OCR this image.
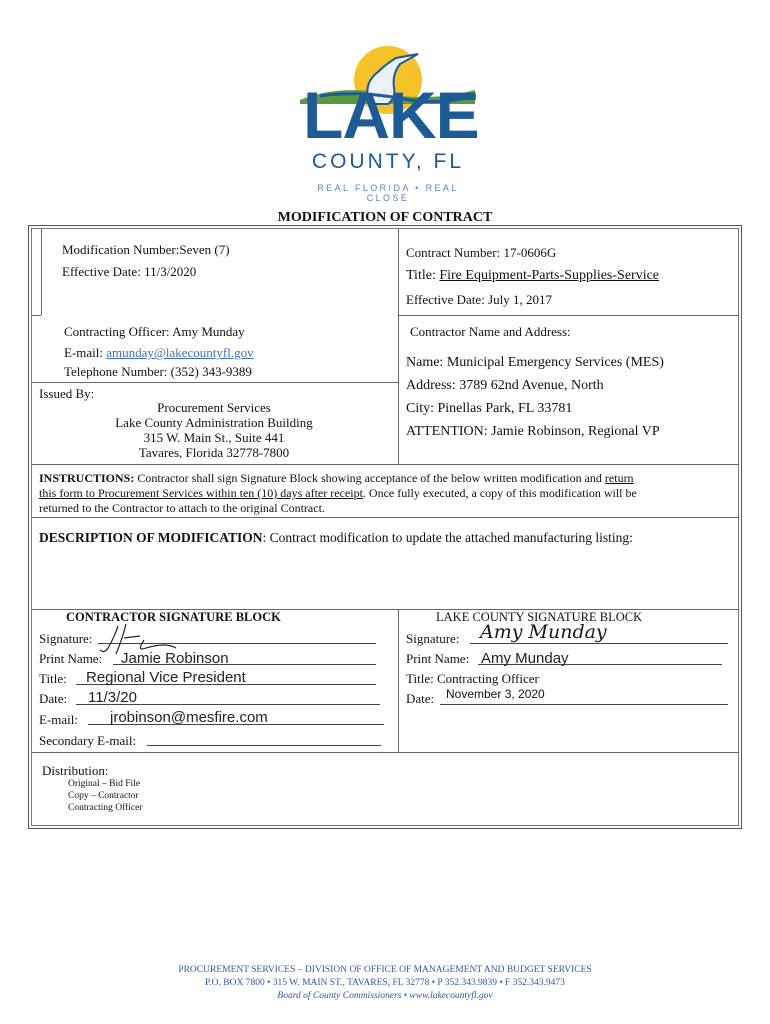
LAKE
COUNTY, FL
REAL FLORIDA • REAL CLOSE
MODIFICATION OF CONTRACT
Modification Number:Seven (7)
Effective Date: 11/3/2020
Contract Number: 17-0606G
Title: Fire Equipment-Parts-Supplies-Service
Effective Date: July 1, 2017
Contracting Officer: Amy Munday
E-mail: amunday@lakecountyfl.gov
Telephone Number: (352) 343-9389
Issued By:
Procurement Services
Lake County Administration Building
315 W. Main St., Suite 441
Tavares, Florida 32778-7800
Contractor Name and Address:
Name: Municipal Emergency Services (MES)
Address: 3789 62nd Avenue, North
City: Pinellas Park, FL 33781
ATTENTION: Jamie Robinson, Regional VP
INSTRUCTIONS: Contractor shall sign Signature Block showing acceptance of the below written modification and return
this form to Procurement Services within ten (10) days after receipt. Once fully executed, a copy of this modification will be
returned to the Contractor to attach to the original Contract.
DESCRIPTION OF MODIFICATION: Contract modification to update the attached manufacturing listing:
CONTRACTOR SIGNATURE BLOCK
Signature:
Print Name: Jamie Robinson
Title: Regional Vice President
Date: 11/3/20
E-mail: jrobinson@mesfire.com
Secondary E-mail:
LAKE COUNTY SIGNATURE BLOCK
Signature: Amy Munday
Print Name: Amy Munday
Title: Contracting Officer
Date: November 3, 2020
Distribution:
Original – Bid File
Copy – Contractor
Contracting Officer
PROCUREMENT SERVICES – DIVISION OF OFFICE OF MANAGEMENT AND BUDGET SERVICES
P.O. BOX 7800 • 315 W. MAIN ST., TAVARES, FL 32778 • P 352.343.9839 • F 352.343.9473
Board of County Commissioners • www.lakecountyfl.gov
